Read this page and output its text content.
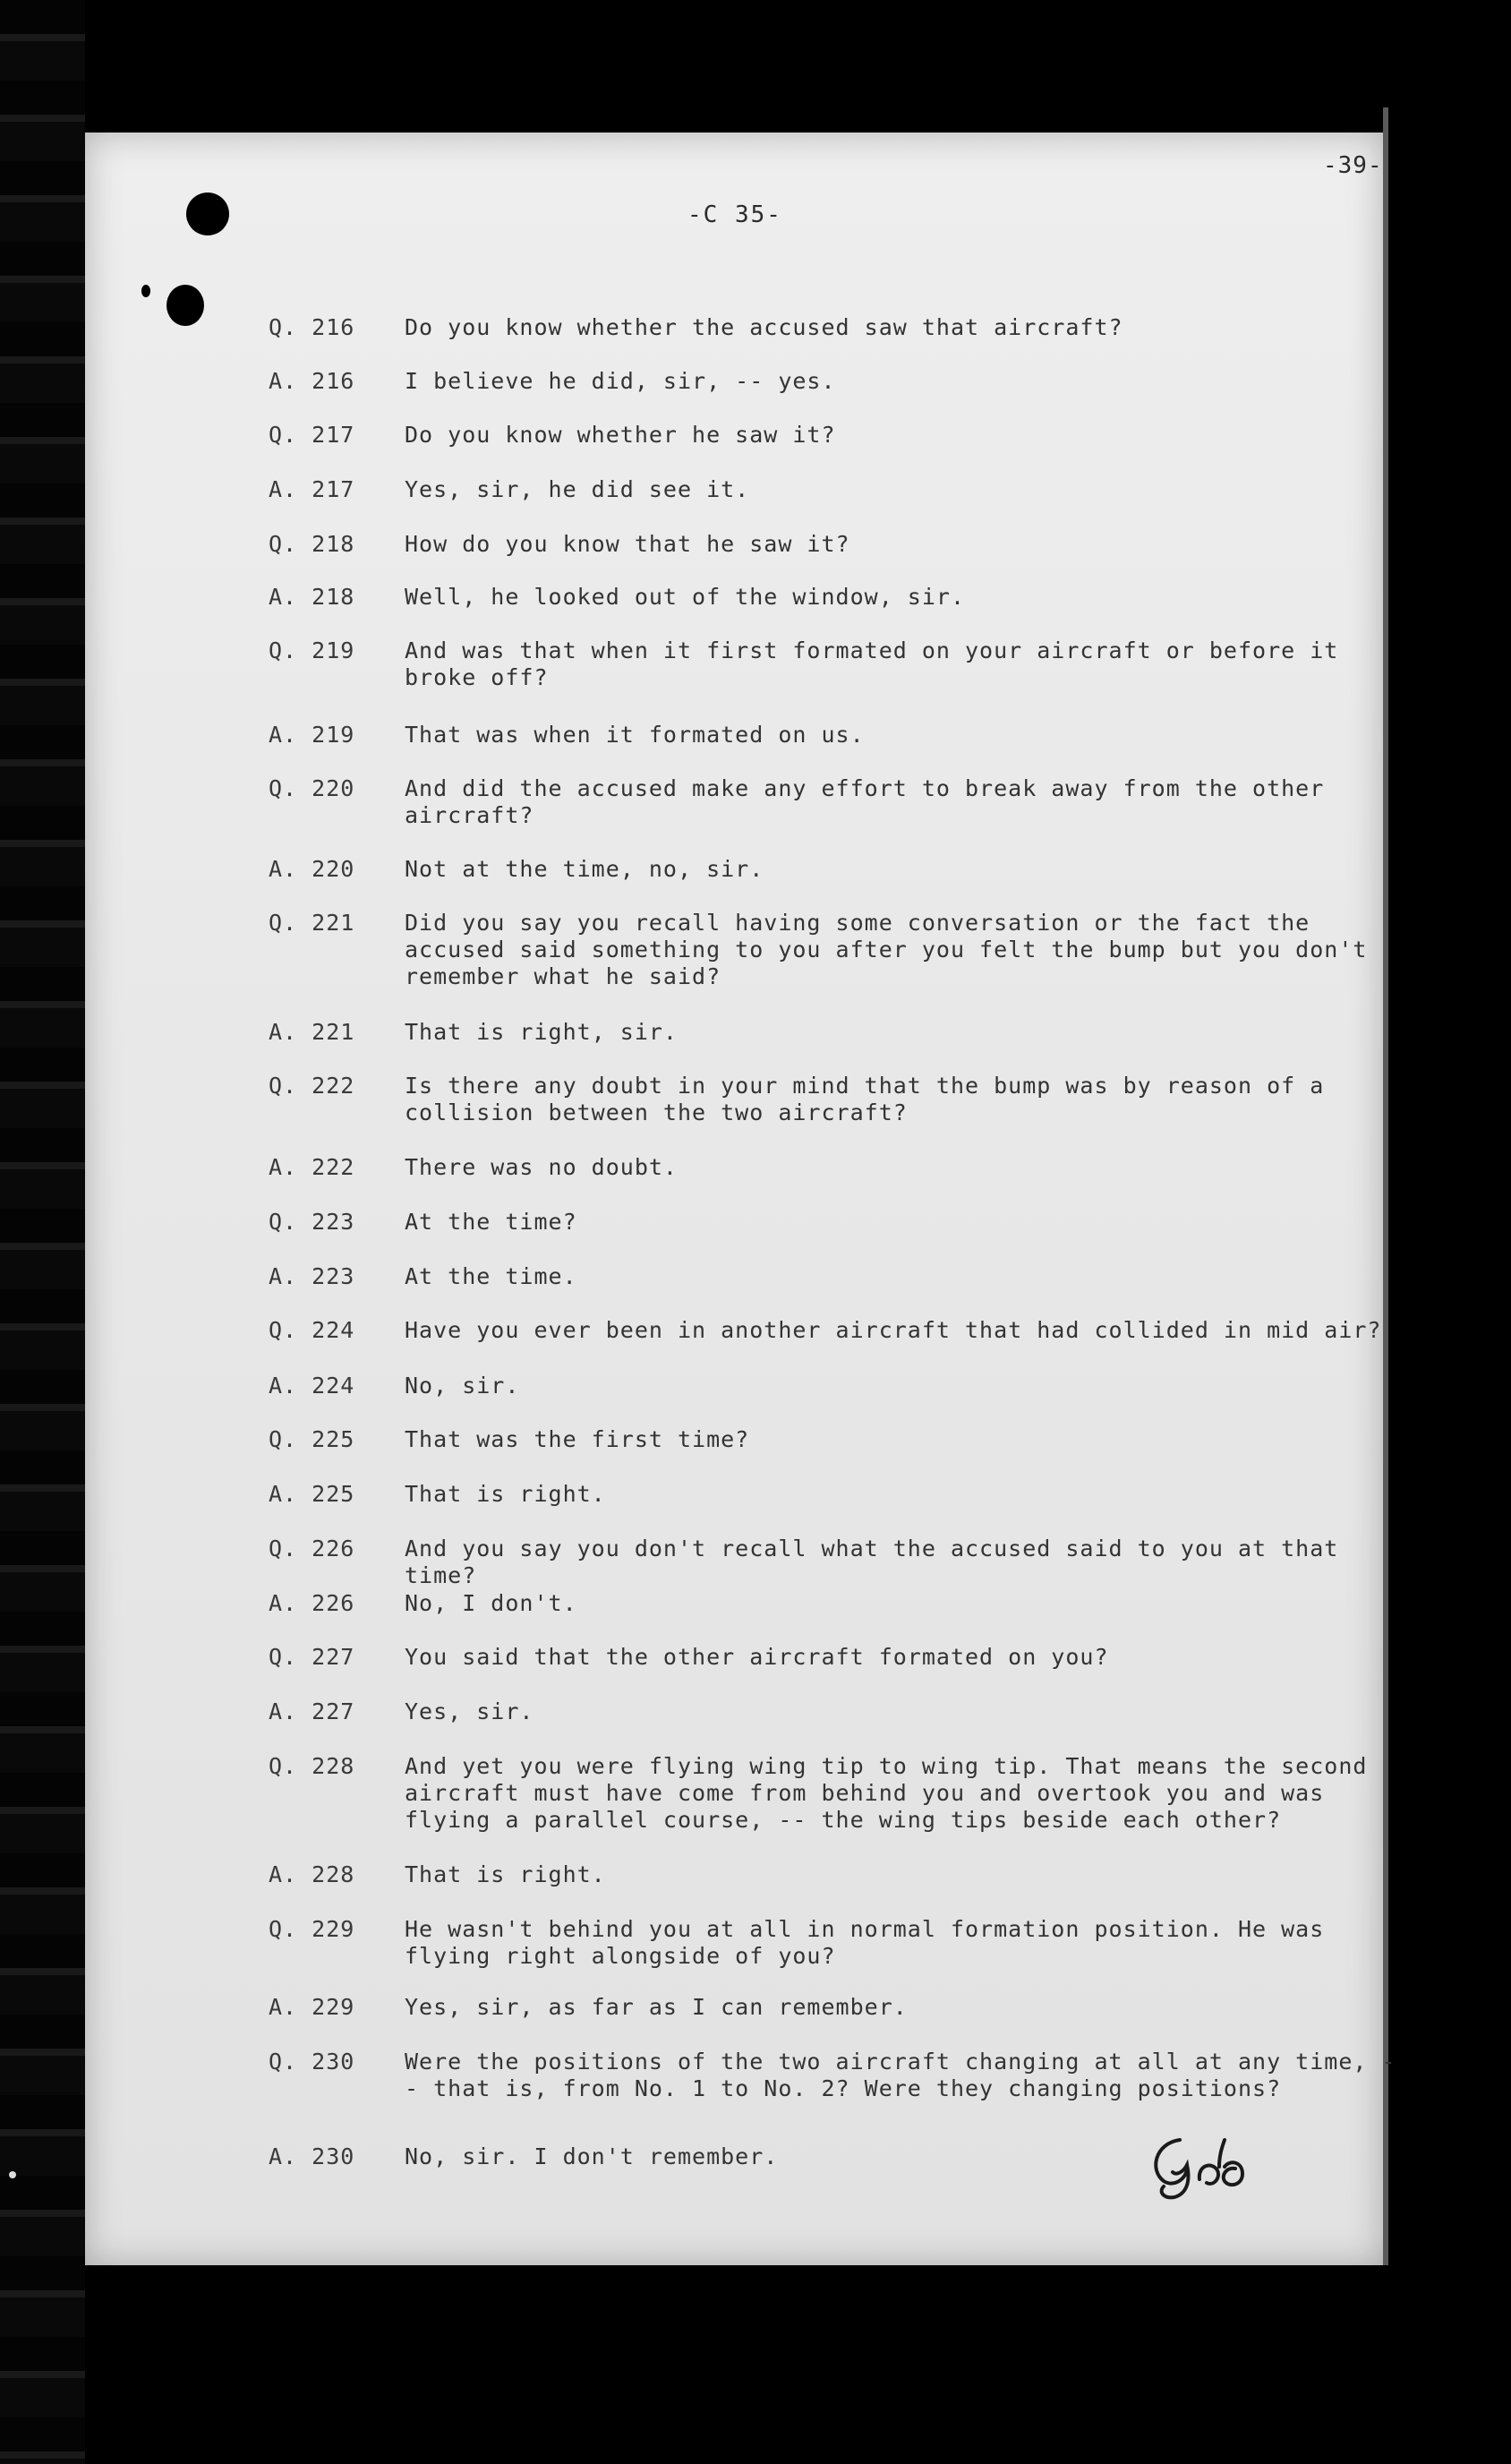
-39-
-C 35-
Q. 216	Do you know whether the accused saw that aircraft?
A. 216	I believe he did, sir, -- yes.
Q. 217	Do you know whether he saw it?
A. 217	Yes, sir, he did see it.
Q. 218	How do you know that he saw it?
A. 218	Well, he looked out of the window, sir.
Q. 219	And was that when it first formated on your aircraft or before it broke off?
A. 219	That was when it formated on us.
Q. 220	And did the accused make any effort to break away from the other aircraft?
A. 220	Not at the time, no, sir.
Q. 221	Did you say you recall having some conversation or the fact the accused said something to you after you felt the bump but you don't remember what he said?
A. 221	That is right, sir.
Q. 222	Is there any doubt in your mind that the bump was by reason of a collision between the two aircraft?
A. 222	There was no doubt.
Q. 223	At the time?
A. 223	At the time.
Q. 224	Have you ever been in another aircraft that had collided in mid air?
A. 224	No, sir.
Q. 225	That was the first time?
A. 225	That is right.
Q. 226	And you say you don't recall what the accused said to you at that time?
A. 226	No, I don't.
Q. 227	You said that the other aircraft formated on you?
A. 227	Yes, sir.
Q. 228	And yet you were flying wing tip to wing tip. That means the second aircraft must have come from behind you and overtook you and was flying a parallel course, -- the wing tips beside each other?
A. 228	That is right.
Q. 229	He wasn't behind you at all in normal formation position. He was flying right alongside of you?
A. 229	Yes, sir, as far as I can remember.
Q. 230	Were the positions of the two aircraft changing at all at any time, -- that is, from No. 1 to No. 2? Were they changing positions?
A. 230	No, sir. I don't remember.
